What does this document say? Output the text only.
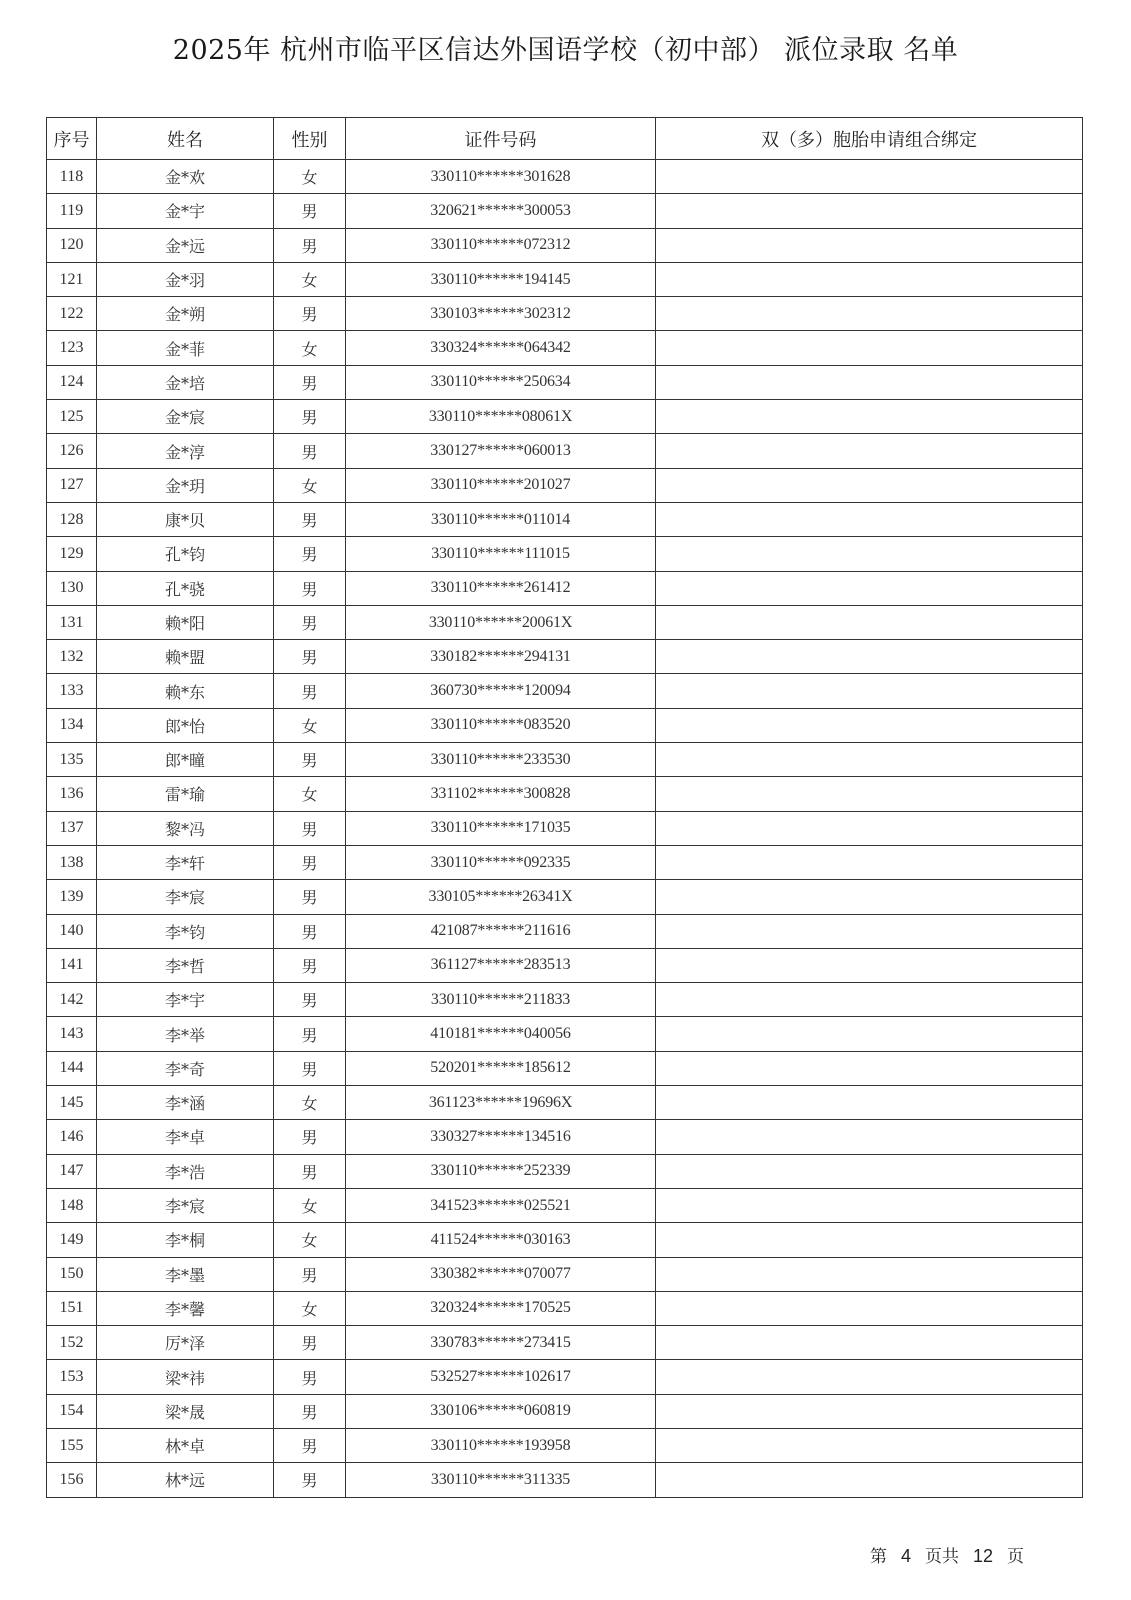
2025年 杭州市临平区信达外国语学校（初中部） 派位录取 名单
序号	姓名	性别	证件号码	双（多）胞胎申请组合绑定
118	金*欢	女	330110******301628	
119	金*宇	男	320621******300053	
120	金*远	男	330110******072312	
121	金*羽	女	330110******194145	
122	金*朔	男	330103******302312	
123	金*菲	女	330324******064342	
124	金*培	男	330110******250634	
125	金*宸	男	330110******08061X	
126	金*淳	男	330127******060013	
127	金*玥	女	330110******201027	
128	康*贝	男	330110******011014	
129	孔*钧	男	330110******111015	
130	孔*骁	男	330110******261412	
131	赖*阳	男	330110******20061X	
132	赖*盟	男	330182******294131	
133	赖*东	男	360730******120094	
134	郎*怡	女	330110******083520	
135	郎*曈	男	330110******233530	
136	雷*瑜	女	331102******300828	
137	黎*冯	男	330110******171035	
138	李*轩	男	330110******092335	
139	李*宸	男	330105******26341X	
140	李*钧	男	421087******211616	
141	李*哲	男	361127******283513	
142	李*宇	男	330110******211833	
143	李*举	男	410181******040056	
144	李*奇	男	520201******185612	
145	李*涵	女	361123******19696X	
146	李*卓	男	330327******134516	
147	李*浩	男	330110******252339	
148	李*宸	女	341523******025521	
149	李*桐	女	411524******030163	
150	李*墨	男	330382******070077	
151	李*馨	女	320324******170525	
152	厉*泽	男	330783******273415	
153	梁*祎	男	532527******102617	
154	梁*晟	男	330106******060819	
155	林*卓	男	330110******193958	
156	林*远	男	330110******311335	
第 4 页共 12 页
